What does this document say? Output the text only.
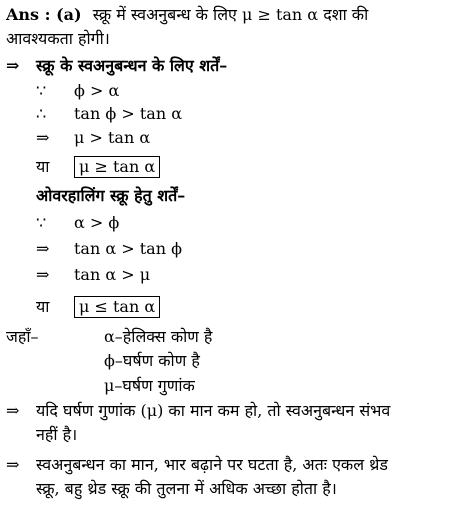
Ans : (a) स्क्रू में स्वअनुबन्ध के लिए μ ≥ tan α दशा की
आवश्यकता होगी।
⇒ स्क्रू के स्वअनुबन्धन के लिए शर्तें–
∵ ϕ > α
∴ tan ϕ > tan α
⇒ μ > tan α
या μ ≥ tan α
ओवरहालिंग स्क्रू हेतु शर्तें–
∵ α > ϕ
⇒ tan α > tan ϕ
⇒ tan α > μ
या μ ≤ tan α
जहाँ–	α–हेलिक्स कोण है
ϕ–घर्षण कोण है
μ–घर्षण गुणांक
⇒ यदि घर्षण गुणांक (μ) का मान कम हो, तो स्वअनुबन्धन संभव
नहीं है।
⇒ स्वअनुबन्धन का मान, भार बढ़ाने पर घटता है, अतः एकल थ्रेड
स्क्रू, बहु थ्रेड स्क्रू की तुलना में अधिक अच्छा होता है।
